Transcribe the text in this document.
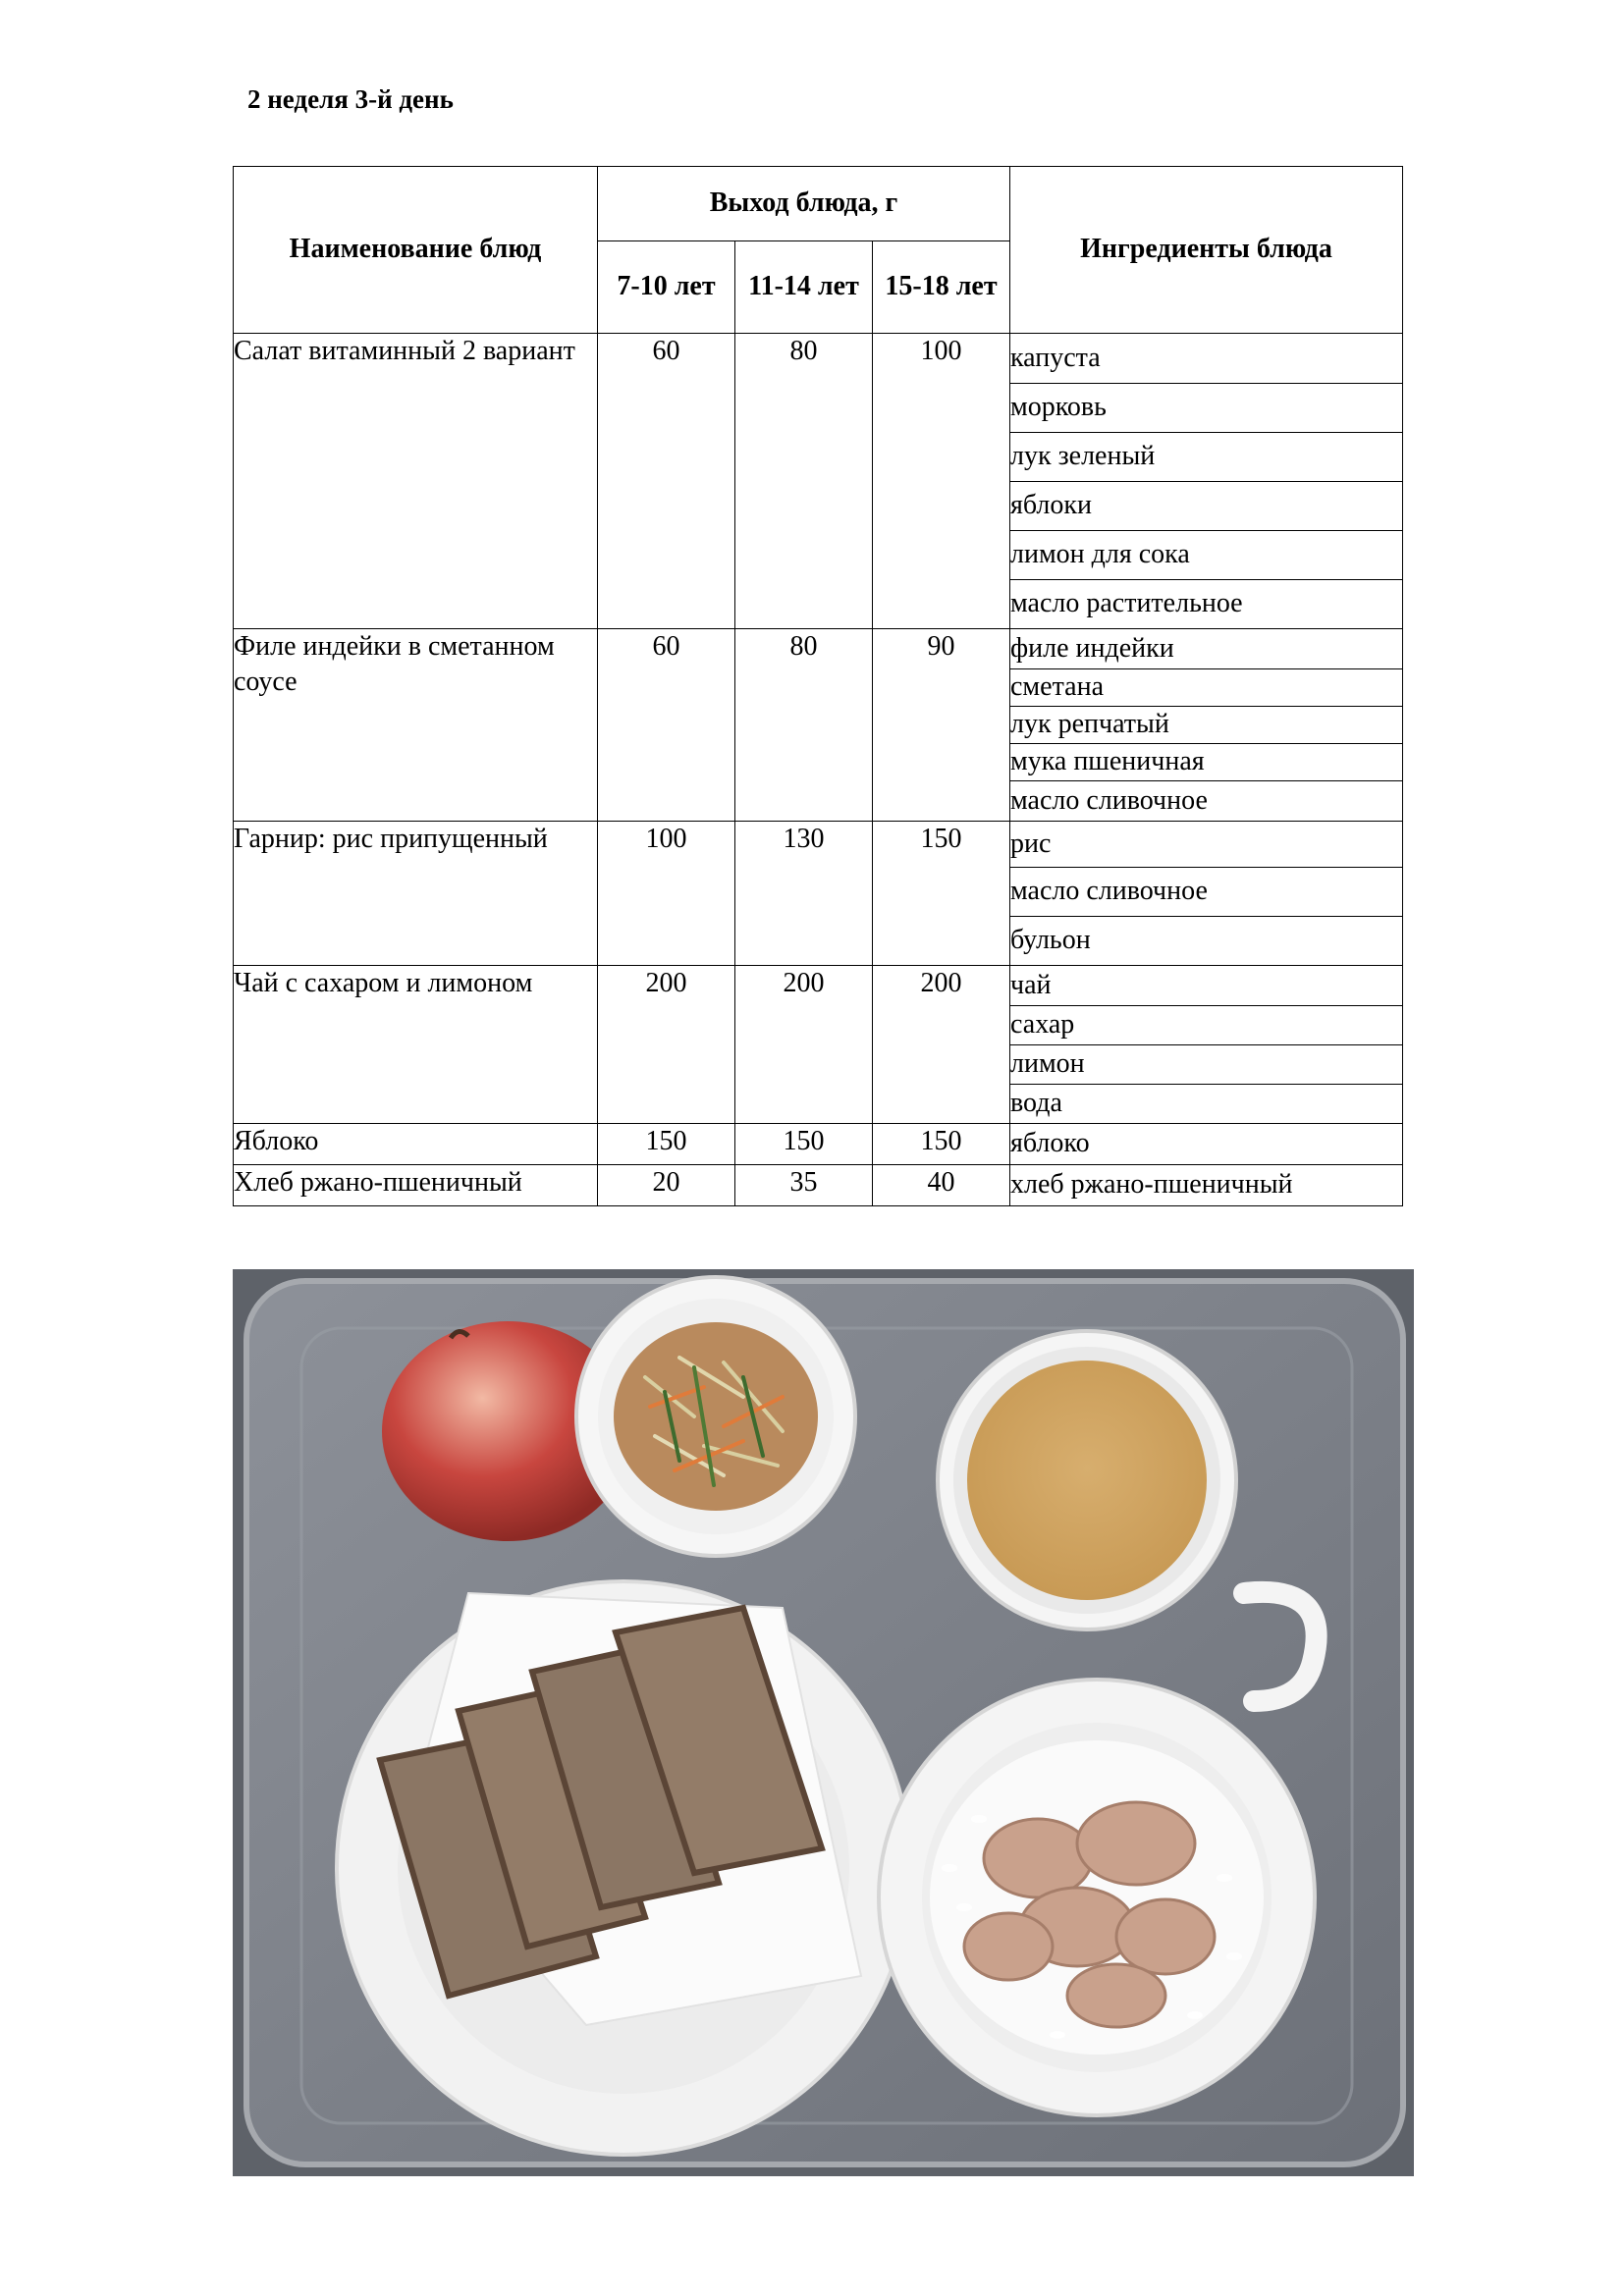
2 неделя 3-й день
Наименование блюд	Выход блюда, г			Ингредиенты блюда
	7-10 лет	11-14 лет	15-18 лет	
Салат витаминный 2 вариант	60	80	100	капуста
				морковь
				лук зеленый
				яблоки
				лимон для сока
				масло растительное
Филе индейки в сметанном соусе	60	80	90	филе индейки
				сметана
				лук репчатый
				мука пшеничная
				масло сливочное
Гарнир: рис припущенный	100	130	150	рис
				масло сливочное
				бульон
Чай с сахаром и лимоном	200	200	200	чай
				сахар
				лимон
				вода
Яблоко	150	150	150	яблоко
Хлеб ржано-пшеничный	20	35	40	хлеб ржано-пшеничный
